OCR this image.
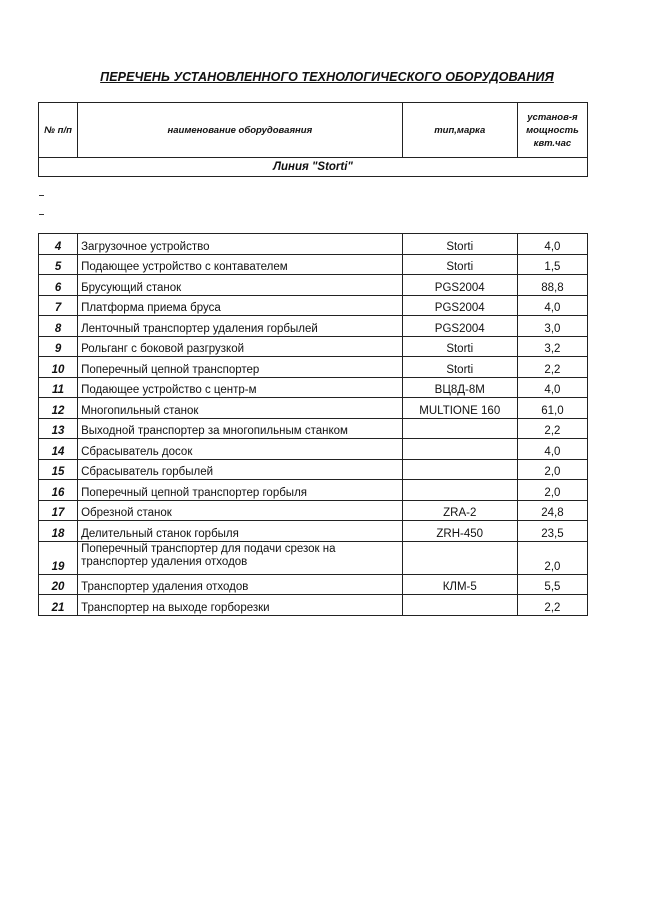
ПЕРЕЧЕНЬ УСТАНОВЛЕННОГО ТЕХНОЛОГИЧЕСКОГО ОБОРУДОВАНИЯ
№ п/п	наименование оборудоваяния	тип,марка	установ-я мощность квт.час
Линия "Storti"			

4	Загрузочное устройство	Storti	4,0
5	Подающее устройство с контавателем	Storti	1,5
6	Брусующий станок	PGS2004	88,8
7	Платформа приема бруса	PGS2004	4,0
8	Ленточный транспортер удаления горбылей	PGS2004	3,0
9	Рольганг с боковой разгрузкой	Storti	3,2
10	Поперечный цепной транспортер	Storti	2,2
11	Подающее устройство с центр-м	ВЦ8Д-8М	4,0
12	Многопильный станок	MULTIONE 160	61,0
13	Выходной транспортер за многопильным станком		2,2
14	Сбрасыватель досок		4,0
15	Сбрасыватель горбылей		2,0
16	Поперечный цепной транспортер горбыля		2,0
17	Обрезной станок	ZRA-2	24,8
18	Делительный станок горбыля	ZRH-450	23,5
19	Поперечный транспортер для подачи срезок на транспортер удаления отходов		2,0
20	Транспортер удаления отходов	КЛМ-5	5,5
21	Транспортер на выходе горборезки		2,2
